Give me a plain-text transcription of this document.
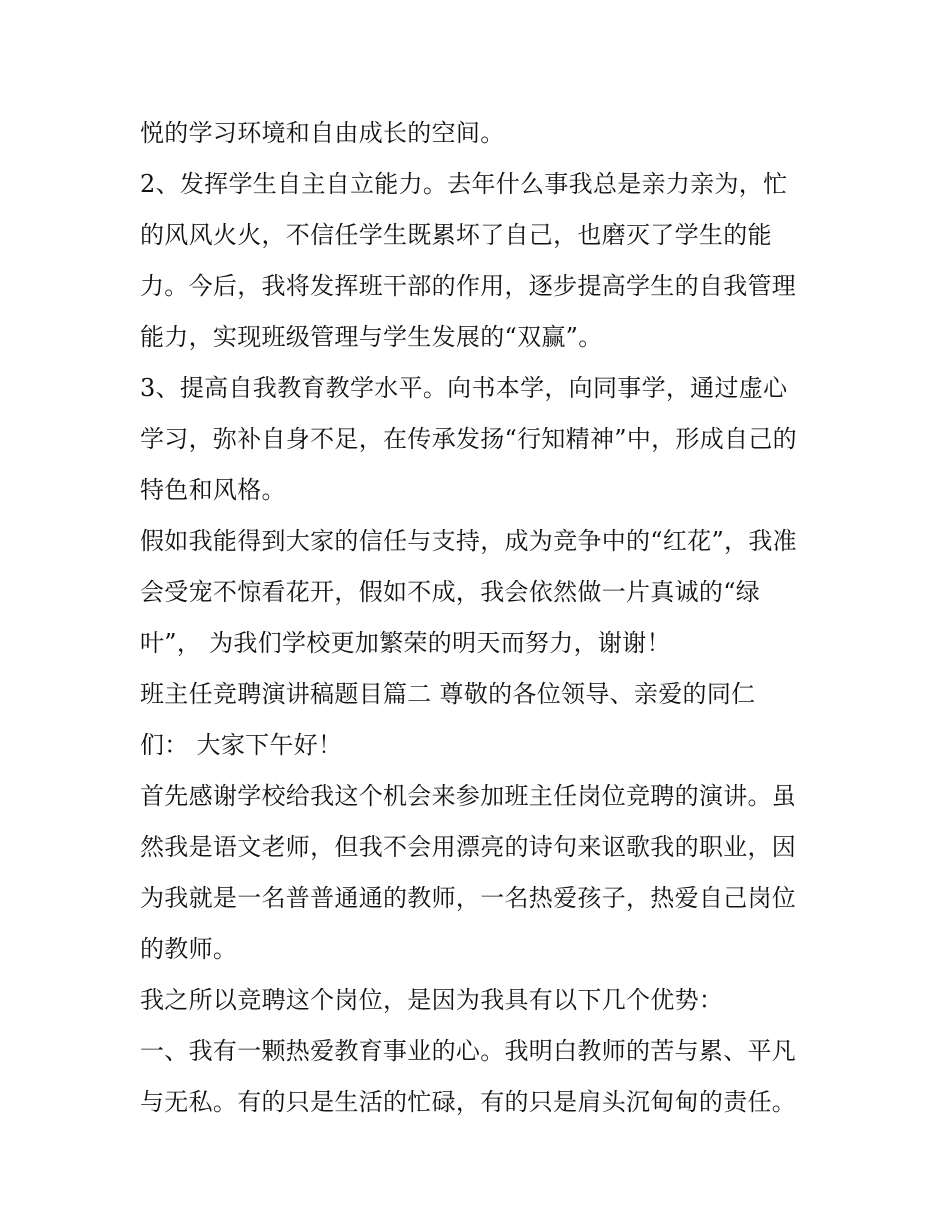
悦的学习环境和自由成长的空间。
2、发挥学生自主自立能力。去年什么事我总是亲力亲为，忙
的风风火火，不信任学生既累坏了自己，也磨灭了学生的能
力。今后，我将发挥班干部的作用，逐步提高学生的自我管理
能力，实现班级管理与学生发展的“双赢”。
3、提高自我教育教学水平。向书本学，向同事学，通过虚心
学习，弥补自身不足，在传承发扬“行知精神”中，形成自己的
特色和风格。
假如我能得到大家的信任与支持，成为竞争中的“红花”，我准
会受宠不惊看花开，假如不成，我会依然做一片真诚的“绿
叶”， 为我们学校更加繁荣的明天而努力，谢谢！
班主任竞聘演讲稿题目篇二 尊敬的各位领导、亲爱的同仁
们： 大家下午好！
首先感谢学校给我这个机会来参加班主任岗位竞聘的演讲。虽
然我是语文老师，但我不会用漂亮的诗句来讴歌我的职业，因
为我就是一名普普通通的教师，一名热爱孩子，热爱自己岗位
的教师。
我之所以竞聘这个岗位，是因为我具有以下几个优势：
一、我有一颗热爱教育事业的心。我明白教师的苦与累、平凡
与无私。有的只是生活的忙碌，有的只是肩头沉甸甸的责任。
